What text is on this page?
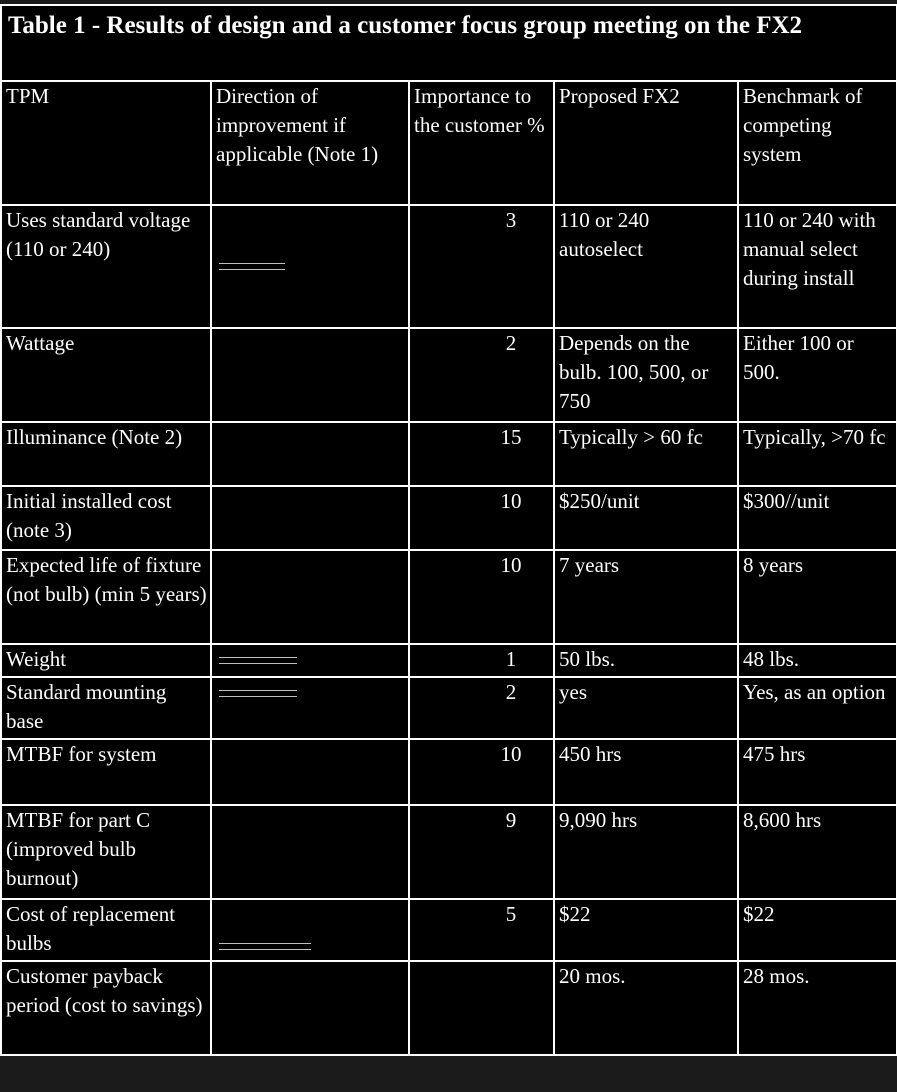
Table 1 - Results of design and a customer focus group meeting on the FX2				
TPM	Direction of improvement if applicable (Note 1)	Importance to the customer %	Proposed FX2	Benchmark of competing system
Uses standard voltage (110 or 240)		3	110 or 240 autoselect	110 or 240 with manual select during install
Wattage		2	Depends on the bulb. 100, 500, or 750	Either 100 or 500.
Illuminance (Note 2)		15	Typically > 60 fc	Typically, >70 fc
Initial installed cost (note 3)		10	$250/unit	$300//unit
Expected life of fixture (not bulb) (min 5 years)		10	7 years	8 years
Weight		1	50 lbs.	48 lbs.
Standard mounting base		2	yes	Yes, as an option
MTBF for system		10	450 hrs	475 hrs
MTBF for part C (improved bulb burnout)		9	9,090 hrs	8,600 hrs
Cost of replacement bulbs		5	$22	$22
Customer payback period (cost to savings)			20 mos.	28 mos.
